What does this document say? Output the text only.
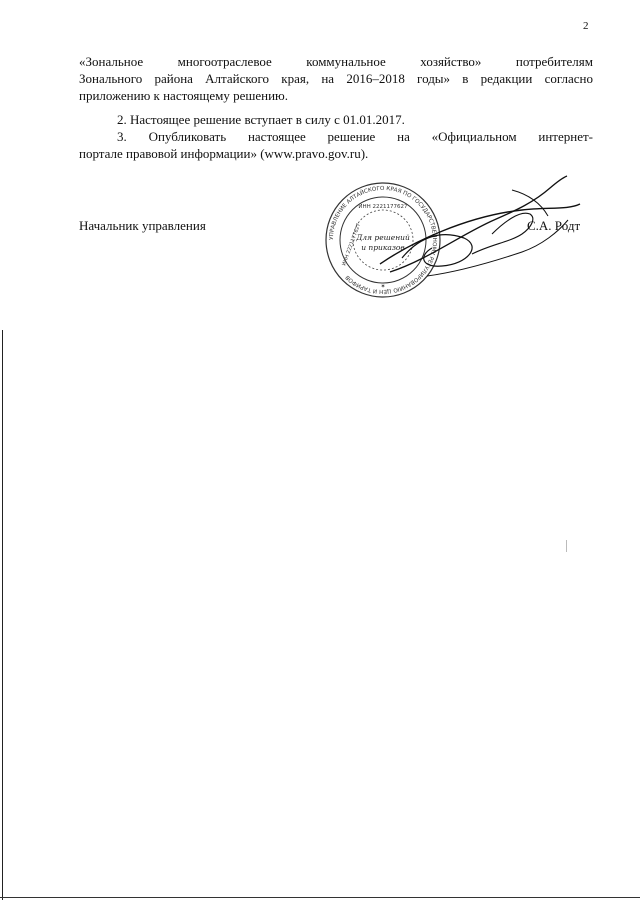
2
«Зональное многоотраслевое коммунальное хозяйство» потребителям
Зонального района Алтайского края, на 2016–2018 годы» в редакции согласно
приложению к настоящему решению.
2. Настоящее решение вступает в силу с 01.01.2017.
3. Опубликовать настоящее решение на «Официальном интернет-
портале правовой информации» (www.pravo.gov.ru).
Начальник управления
УПРАВЛЕНИЕ АЛТАЙСКОГО КРАЯ ПО ГОСУДАРСТВЕННОМУ РЕГУЛИРОВАНИЮ ЦЕН И ТАРИФОВ
ИНН 2221177627
Для решений
и приказов
ИНН 2221177627
✶
С.А. Родт
